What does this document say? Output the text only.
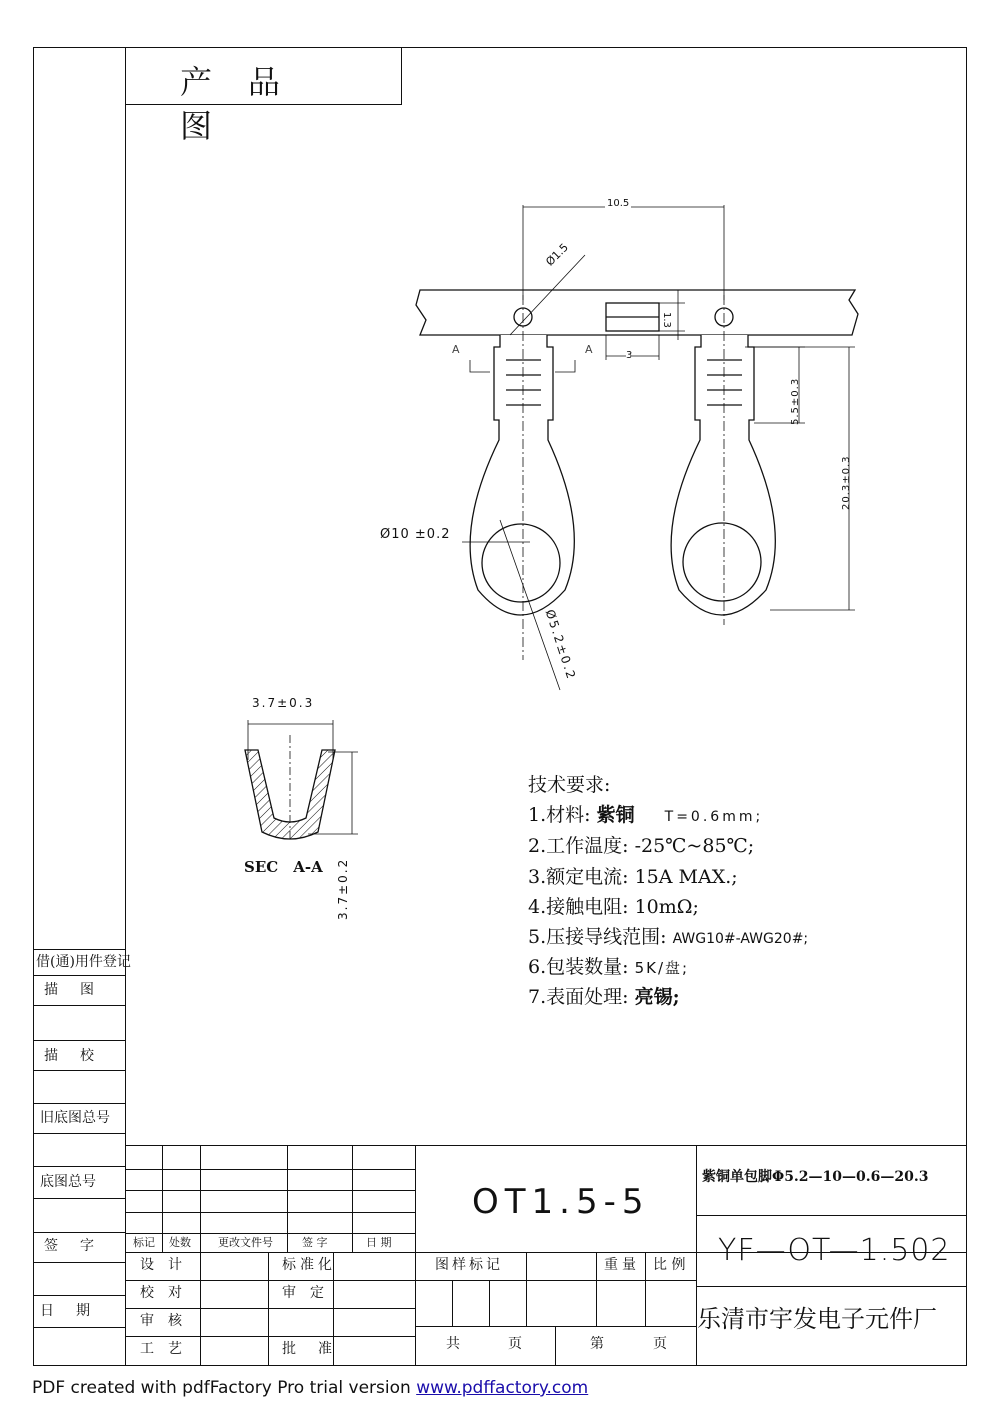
产　品　图
10.5
Ø1.5
1.3
3
A	A
5.5±0.3
20.3±0.3
Ø10 ±0.2
Ø5.2±0.2
3.7±0.3
3.7±0.2
SEC　A-A
技术要求:
1.材料: 紫铜 T=0.6mm;
2.工作温度: -25℃~85℃;
3.额定电流: 15A MAX.;
4.接触电阻: 10mΩ;
5.压接导线范围: AWG10#-AWG20#;
6.包装数量: 5K/盘;
7.表面处理: 亮锡;
借(通)用件登记
描　图
描　校
旧底图总号
底图总号
签　字
日　期
标记 处数 更改文件号	签 字	日 期
设　计	标准化
校　对	审　定
审　核
工　艺	批　准
OT1.5-5
图样标记	重量 比 例
共	页	第	页
紫铜单包脚Φ5.2—10—0.6—20.3
YF—OT—1.502
乐清市宇发电子元件厂
PDF created with pdfFactory Pro trial version www.pdffactory.com
